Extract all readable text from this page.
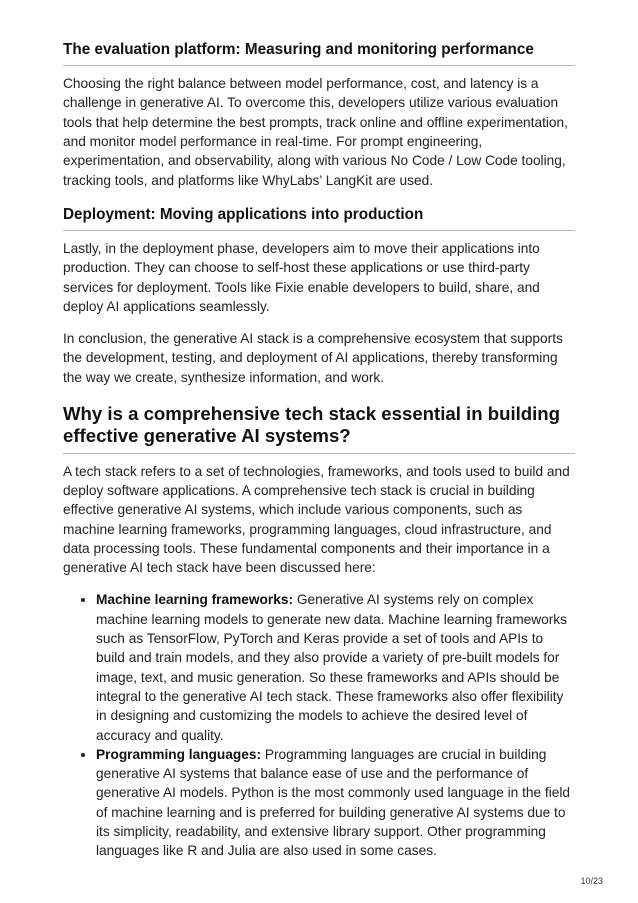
The evaluation platform: Measuring and monitoring performance

Choosing the right balance between model performance, cost, and latency is a challenge in generative AI. To overcome this, developers utilize various evaluation tools that help determine the best prompts, track online and offline experimentation, and monitor model performance in real-time. For prompt engineering, experimentation, and observability, along with various No Code / Low Code tooling, tracking tools, and platforms like WhyLabs’ LangKit are used.

Deployment: Moving applications into production

Lastly, in the deployment phase, developers aim to move their applications into production. They can choose to self-host these applications or use third-party services for deployment. Tools like Fixie enable developers to build, share, and deploy AI applications seamlessly.

In conclusion, the generative AI stack is a comprehensive ecosystem that supports the development, testing, and deployment of AI applications, thereby transforming the way we create, synthesize information, and work.

Why is a comprehensive tech stack essential in building effective generative AI systems?

A tech stack refers to a set of technologies, frameworks, and tools used to build and deploy software applications. A comprehensive tech stack is crucial in building effective generative AI systems, which include various components, such as machine learning frameworks, programming languages, cloud infrastructure, and data processing tools. These fundamental components and their importance in a generative AI tech stack have been discussed here:

• Machine learning frameworks: Generative AI systems rely on complex machine learning models to generate new data. Machine learning frameworks such as TensorFlow, PyTorch and Keras provide a set of tools and APIs to build and train models, and they also provide a variety of pre-built models for image, text, and music generation. So these frameworks and APIs should be integral to the generative AI tech stack. These frameworks also offer flexibility in designing and customizing the models to achieve the desired level of accuracy and quality.
• Programming languages: Programming languages are crucial in building generative AI systems that balance ease of use and the performance of generative AI models. Python is the most commonly used language in the field of machine learning and is preferred for building generative AI systems due to its simplicity, readability, and extensive library support. Other programming languages like R and Julia are also used in some cases.
10/23
